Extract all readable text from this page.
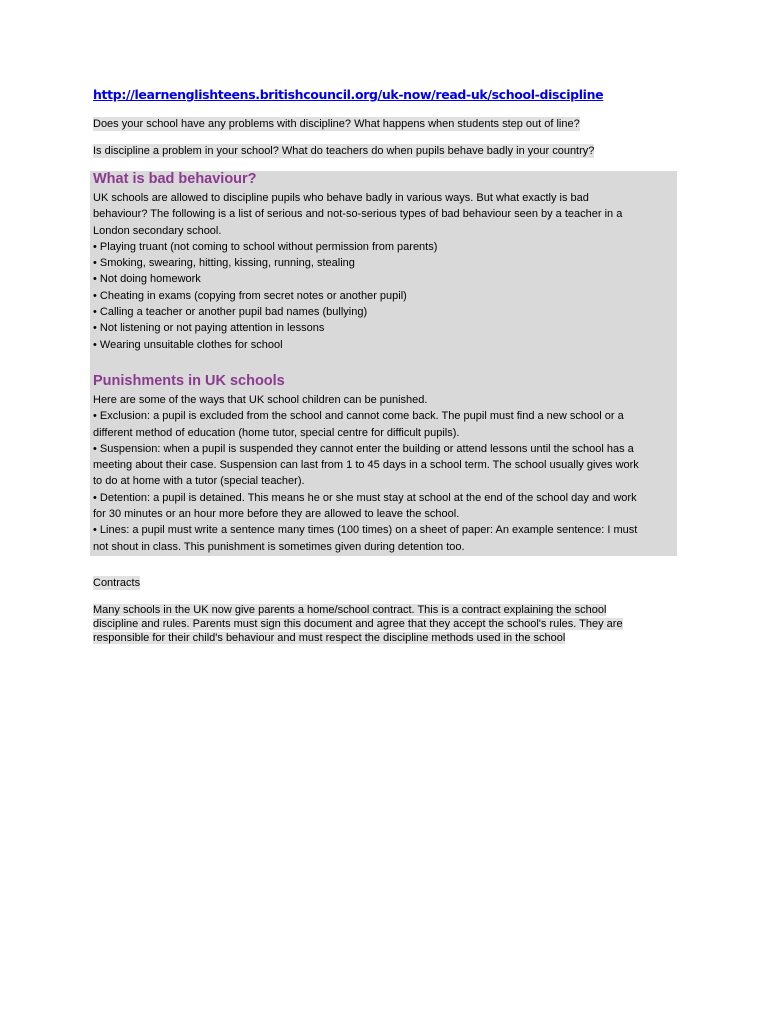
http://learnenglishteens.britishcouncil.org/uk-now/read-uk/school-discipline
Does your school have any problems with discipline? What happens when students step out of line?
Is discipline a problem in your school? What do teachers do when pupils behave badly in your country?
What is bad behaviour?
UK schools are allowed to discipline pupils who behave badly in various ways. But what exactly is bad
behaviour? The following is a list of serious and not-so-serious types of bad behaviour seen by a teacher in a
London secondary school.
• Playing truant (not coming to school without permission from parents)
• Smoking, swearing, hitting, kissing, running, stealing
• Not doing homework
• Cheating in exams (copying from secret notes or another pupil)
• Calling a teacher or another pupil bad names (bullying)
• Not listening or not paying attention in lessons
• Wearing unsuitable clothes for school
Punishments in UK schools
Here are some of the ways that UK school children can be punished.
• Exclusion: a pupil is excluded from the school and cannot come back. The pupil must find a new school or a
different method of education (home tutor, special centre for difficult pupils).
• Suspension: when a pupil is suspended they cannot enter the building or attend lessons until the school has a
meeting about their case. Suspension can last from 1 to 45 days in a school term. The school usually gives work
to do at home with a tutor (special teacher).
• Detention: a pupil is detained. This means he or she must stay at school at the end of the school day and work
for 30 minutes or an hour more before they are allowed to leave the school.
• Lines: a pupil must write a sentence many times (100 times) on a sheet of paper: An example sentence: I must
not shout in class. This punishment is sometimes given during detention too.
Contracts
Many schools in the UK now give parents a home/school contract. This is a contract explaining the school
discipline and rules. Parents must sign this document and agree that they accept the school's rules. They are
responsible for their child's behaviour and must respect the discipline methods used in the school
